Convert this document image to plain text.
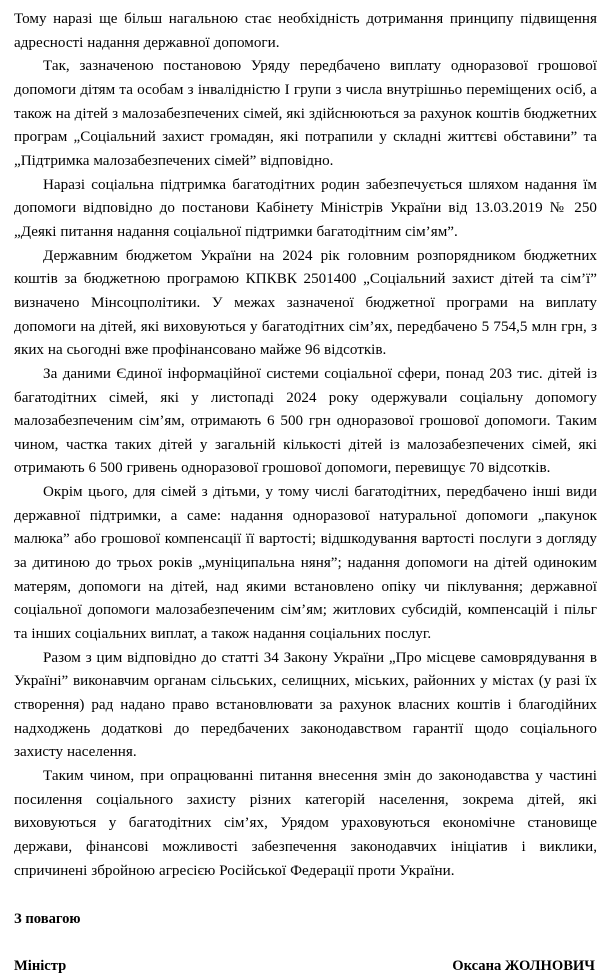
Тому наразі ще більш нагальною стає необхідність дотримання принципу підвищення адресності надання державної допомоги.

Так, зазначеною постановою Уряду передбачено виплату одноразової грошової допомоги дітям та особам з інвалідністю I групи з числа внутрішньо переміщених осіб, а також на дітей з малозабезпечених сімей, які здійснюються за рахунок коштів бюджетних програм „Соціальний захист громадян, які потрапили у складні життєві обставини” та „Підтримка малозабезпечених сімей” відповідно.

Наразі соціальна підтримка багатодітних родин забезпечується шляхом надання їм допомоги відповідно до постанови Кабінету Міністрів України від 13.03.2019 № 250 „Деякі питання надання соціальної підтримки багатодітним сім’ям”.

Державним бюджетом України на 2024 рік головним розпорядником бюджетних коштів за бюджетною програмою КПКВК 2501400 „Соціальний захист дітей та сім’ї” визначено Мінсоцполітики. У межах зазначеної бюджетної програми на виплату допомоги на дітей, які виховуються у багатодітних сім’ях, передбачено 5 754,5 млн грн, з яких на сьогодні вже профінансовано майже 96 відсотків.

За даними Єдиної інформаційної системи соціальної сфери, понад 203 тис. дітей із багатодітних сімей, які у листопаді 2024 року одержували соціальну допомогу малозабезпеченим сім’ям, отримають 6 500 грн одноразової грошової допомоги. Таким чином, частка таких дітей у загальній кількості дітей із малозабезпечених сімей, які отримають 6 500 гривень одноразової грошової допомоги, перевищує 70 відсотків.

Окрім цього, для сімей з дітьми, у тому числі багатодітних, передбачено інші види державної підтримки, а саме: надання одноразової натуральної допомоги „пакунок малюка” або грошової компенсації її вартості; відшкодування вартості послуги з догляду за дитиною до трьох років „муніципальна няня”; надання допомоги на дітей одиноким матерям, допомоги на дітей, над якими встановлено опіку чи піклування; державної соціальної допомоги малозабезпеченим сім’ям; житлових субсидій, компенсацій і пільг та інших соціальних виплат, а також надання соціальних послуг.

Разом з цим відповідно до статті 34 Закону України „Про місцеве самоврядування в Україні” виконавчим органам сільських, селищних, міських, районних у містах (у разі їх створення) рад надано право встановлювати за рахунок власних коштів і благодійних надходжень додаткові до передбачених законодавством гарантії щодо соціального захисту населення.

Таким чином, при опрацюванні питання внесення змін до законодавства у частині посилення соціального захисту різних категорій населення, зокрема дітей, які виховуються у багатодітних сім’ях, Урядом ураховуються економічне становище держави, фінансові можливості забезпечення законодавчих ініціатив і виклики, спричинені збройною агресією Російської Федерації проти України.

З повагою

Міністр	Оксана ЖОЛНОВИЧ
